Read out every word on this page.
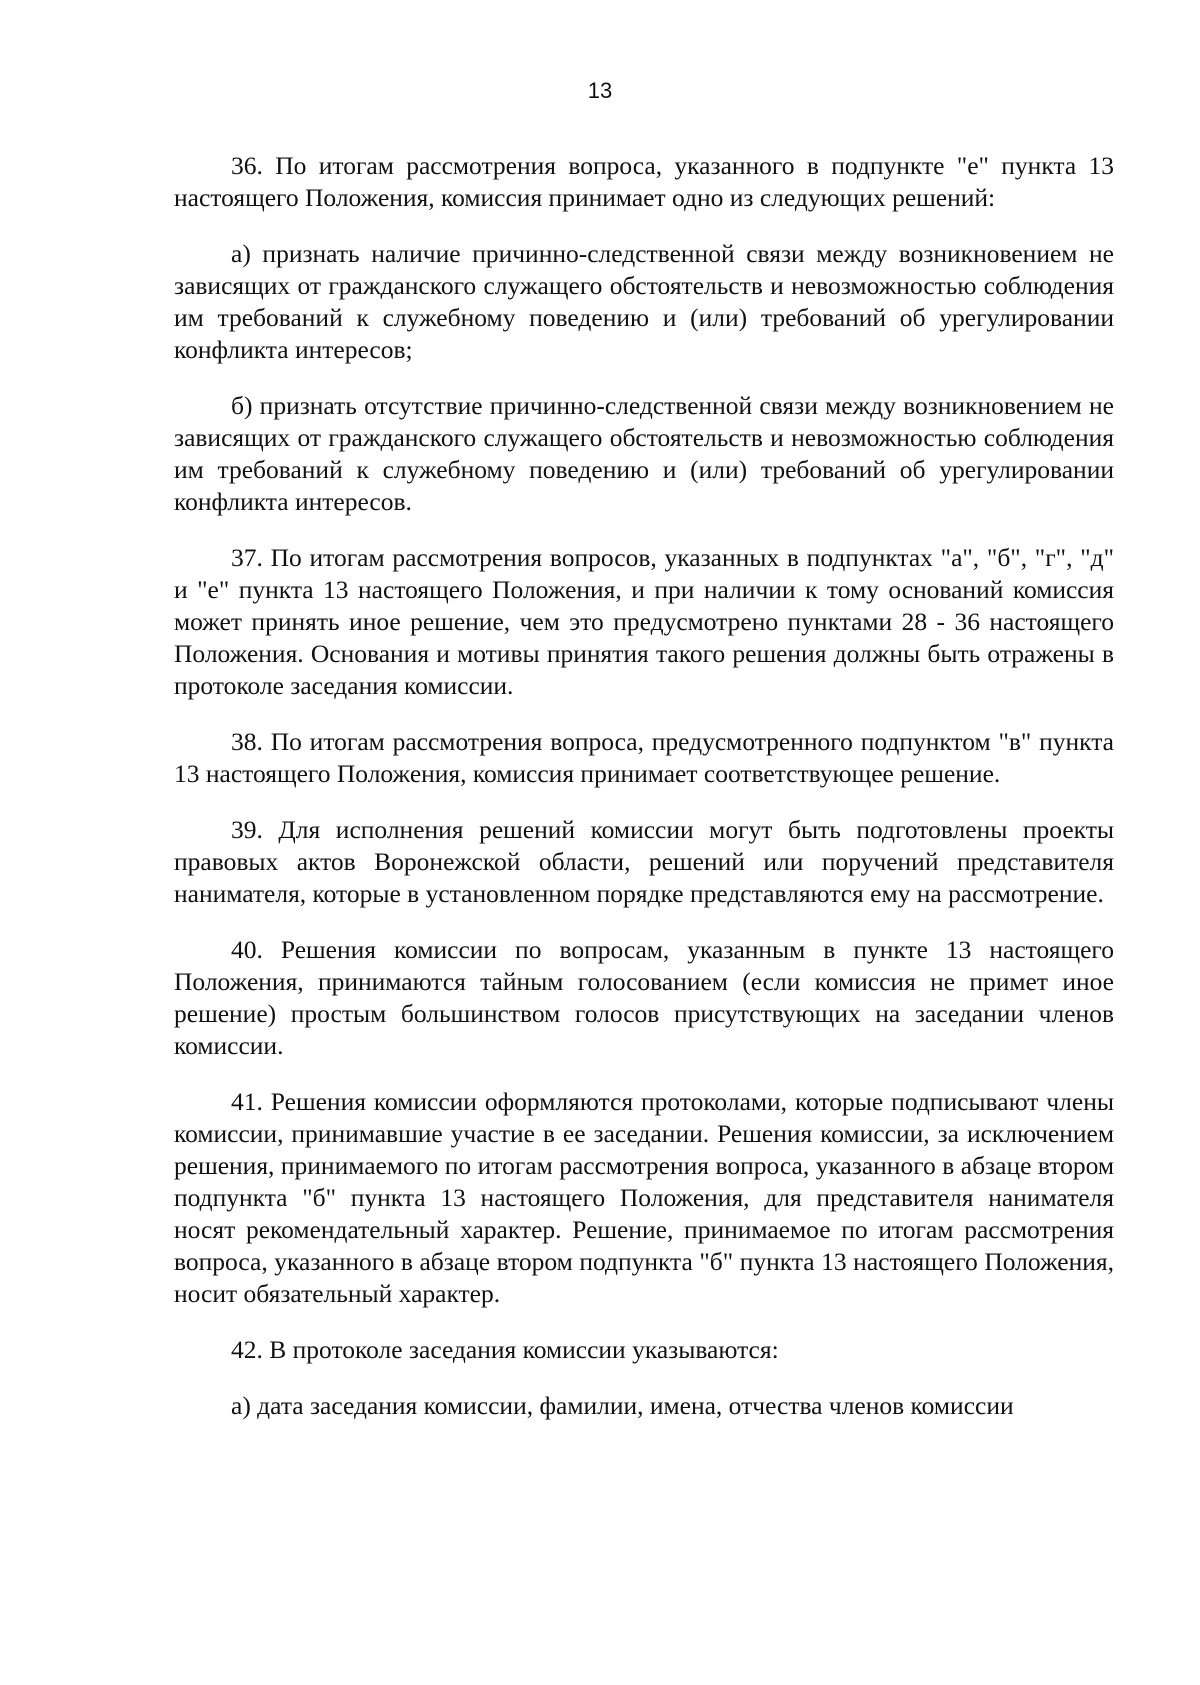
13

36. По итогам рассмотрения вопроса, указанного в подпункте "е" пункта 13 настоящего Положения, комиссия принимает одно из следующих решений:

а) признать наличие причинно-следственной связи между возникновением не зависящих от гражданского служащего обстоятельств и невозможностью соблюдения им требований к служебному поведению и (или) требований об урегулировании конфликта интересов;

б) признать отсутствие причинно-следственной связи между возникновением не зависящих от гражданского служащего обстоятельств и невозможностью соблюдения им требований к служебному поведению и (или) требований об урегулировании конфликта интересов.

37. По итогам рассмотрения вопросов, указанных в подпунктах "а", "б", "г", "д" и "е" пункта 13 настоящего Положения, и при наличии к тому оснований комиссия может принять иное решение, чем это предусмотрено пунктами 28 - 36 настоящего Положения. Основания и мотивы принятия такого решения должны быть отражены в протоколе заседания комиссии.

38. По итогам рассмотрения вопроса, предусмотренного подпунктом "в" пункта 13 настоящего Положения, комиссия принимает соответствующее решение.

39. Для исполнения решений комиссии могут быть подготовлены проекты правовых актов Воронежской области, решений или поручений представителя нанимателя, которые в установленном порядке представляются ему на рассмотрение.

40. Решения комиссии по вопросам, указанным в пункте 13 настоящего Положения, принимаются тайным голосованием (если комиссия не примет иное решение) простым большинством голосов присутствующих на заседании членов комиссии.

41. Решения комиссии оформляются протоколами, которые подписывают члены комиссии, принимавшие участие в ее заседании. Решения комиссии, за исключением решения, принимаемого по итогам рассмотрения вопроса, указанного в абзаце втором подпункта "б" пункта 13 настоящего Положения, для представителя нанимателя носят рекомендательный характер. Решение, принимаемое по итогам рассмотрения вопроса, указанного в абзаце втором подпункта "б" пункта 13 настоящего Положения, носит обязательный характер.

42. В протоколе заседания комиссии указываются:

а) дата заседания комиссии, фамилии, имена, отчества членов комиссии
